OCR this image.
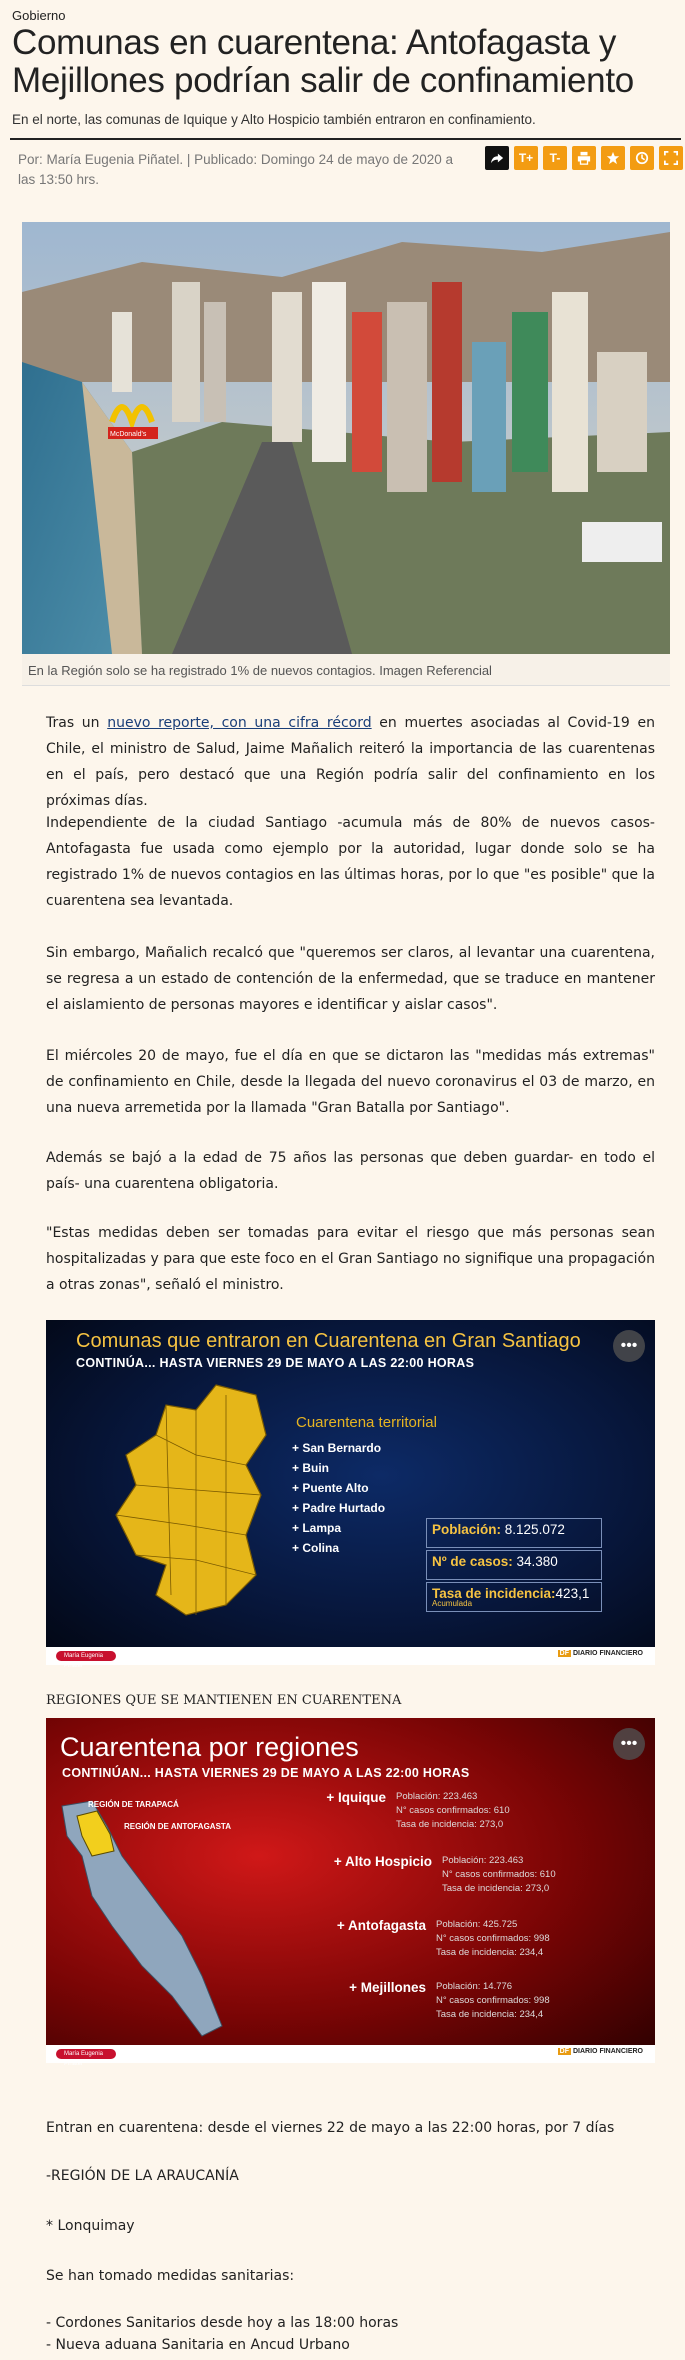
Gobierno
Comunas en cuarentena: Antofagasta y Mejillones podrían salir de confinamiento
En el norte, las comunas de Iquique y Alto Hospicio también entraron en confinamiento.
Por: María Eugenia Piñatel. | Publicado: Domingo 24 de mayo de 2020 a las 13:50 hrs.
T+	T-
McDonald's
En la Región solo se ha registrado 1% de nuevos contagios. Imagen Referencial

Tras un nuevo reporte, con una cifra récord en muertes asociadas al Covid-19 en Chile, el ministro de Salud, Jaime Mañalich reiteró la importancia de las cuarentenas en el país, pero destacó que una Región podría salir del confinamiento en los próximas días.

Independiente de la ciudad Santiago -acumula más de 80% de nuevos casos- Antofagasta fue usada como ejemplo por la autoridad, lugar donde solo se ha registrado 1% de nuevos contagios en las últimas horas, por lo que "es posible" que la cuarentena sea levantada.

Sin embargo, Mañalich recalcó que "queremos ser claros, al levantar una cuarentena, se regresa a un estado de contención de la enfermedad, que se traduce en mantener el aislamiento de personas mayores e identificar y aislar casos".

El miércoles 20 de mayo, fue el día en que se dictaron las "medidas más extremas" de confinamiento en Chile, desde la llegada del nuevo coronavirus el 03 de marzo, en una nueva arremetida por la llamada "Gran Batalla por Santiago".

Además se bajó a la edad de 75 años las personas que deben guardar- en todo el país- una cuarentena obligatoria.

"Estas medidas deben ser tomadas para evitar el riesgo que más personas sean hospitalizadas y para que este foco en el Gran Santiago no signifique una propagación a otras zonas", señaló el ministro.

Comunas que entraron en Cuarentena en Gran Santiago
CONTINÚA... HASTA VIERNES 29 DE MAYO A LAS 22:00 HORAS
•••
Cuarentena territorial
+ San Bernardo
+ Buin
+ Puente Alto
+ Padre Hurtado
+ Lampa
+ Colina
Población: 8.125.072
Nº de casos: 34.380
Tasa de incidencia:423,1
Acumulada
María Eugenia Piñatel
DF DIARIO FINANCIERO
REGIONES QUE SE MANTIENEN EN CUARENTENA
Cuarentena por regiones
CONTINÚAN... HASTA VIERNES 29 DE MAYO A LAS 22:00 HORAS
•••
REGIÓN DE TARAPACÁ
REGIÓN DE ANTOFAGASTA
+ Iquique Población: 223.463
N° casos confirmados: 610
Tasa de incidencia: 273,0
+ Alto Hospicio Población: 223.463
N° casos confirmados: 610
Tasa de incidencia: 273,0
+ Antofagasta Población: 425.725
N° casos confirmados: 998
Tasa de incidencia: 234,4
+ Mejillones Población: 14.776
N° casos confirmados: 998
Tasa de incidencia: 234,4
María Eugenia Piñatel
DF DIARIO FINANCIERO
Entran en cuarentena: desde el viernes 22 de mayo a las 22:00 horas, por 7 días
-REGIÓN DE LA ARAUCANÍA
* Lonquimay
Se han tomado medidas sanitarias:
- Cordones Sanitarios desde hoy a las 18:00 horas
- Nueva aduana Sanitaria en Ancud Urbano
